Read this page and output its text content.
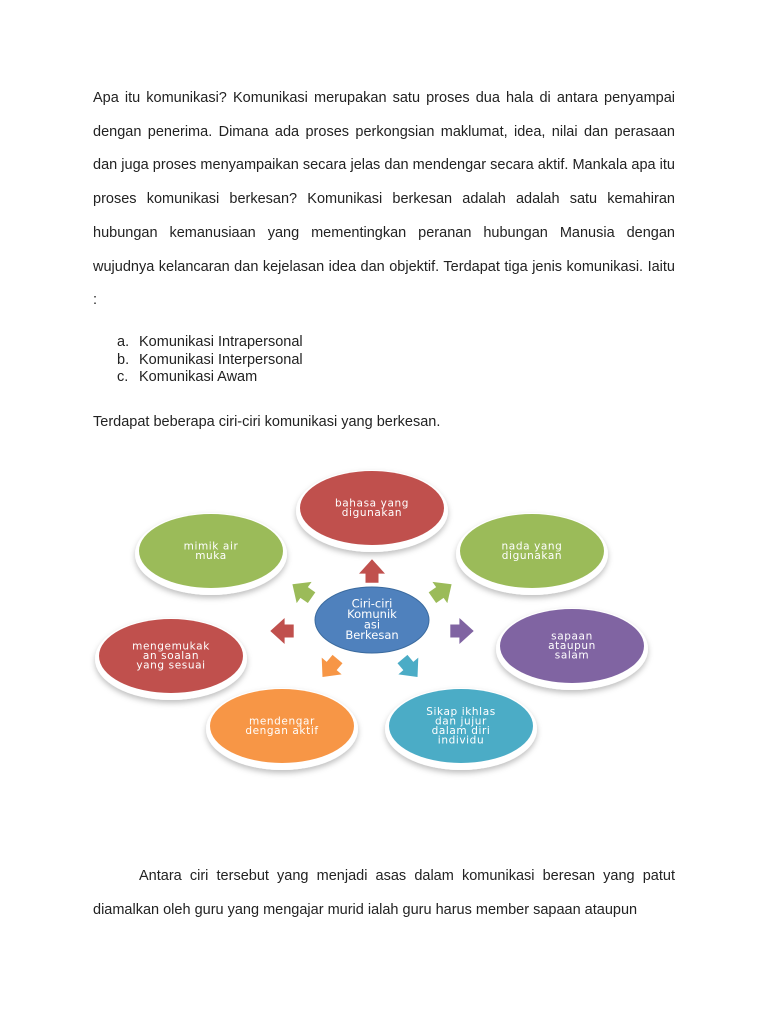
Apa itu komunikasi? Komunikasi merupakan satu proses dua hala di antara penyampai dengan penerima. Dimana ada proses perkongsian maklumat, idea, nilai dan perasaan dan juga proses menyampaikan secara jelas dan mendengar secara aktif. Mankala apa itu proses komunikasi berkesan? Komunikasi berkesan adalah adalah satu kemahiran hubungan kemanusiaan yang mementingkan peranan hubungan Manusia dengan wujudnya kelancaran dan kejelasan idea dan objektif. Terdapat tiga jenis komunikasi. Iaitu :

a. Komunikasi Intrapersonal
b. Komunikasi Interpersonal
c. Komunikasi Awam

Terdapat beberapa ciri-ciri komunikasi yang berkesan.

bahasa yang
digunakan
nada yang
digunakan
sapaan
ataupun
salam
Sikap ikhlas
dan jujur
dalam diri
individu
mendengar
dengan aktif
mengemukak
an soalan
yang sesuai
mimik air
muka
Ciri-ciri
Komunik
asi
Berkesan

Antara ciri tersebut yang menjadi asas dalam komunikasi beresan yang patut diamalkan oleh guru yang mengajar murid ialah guru harus member sapaan ataupun
